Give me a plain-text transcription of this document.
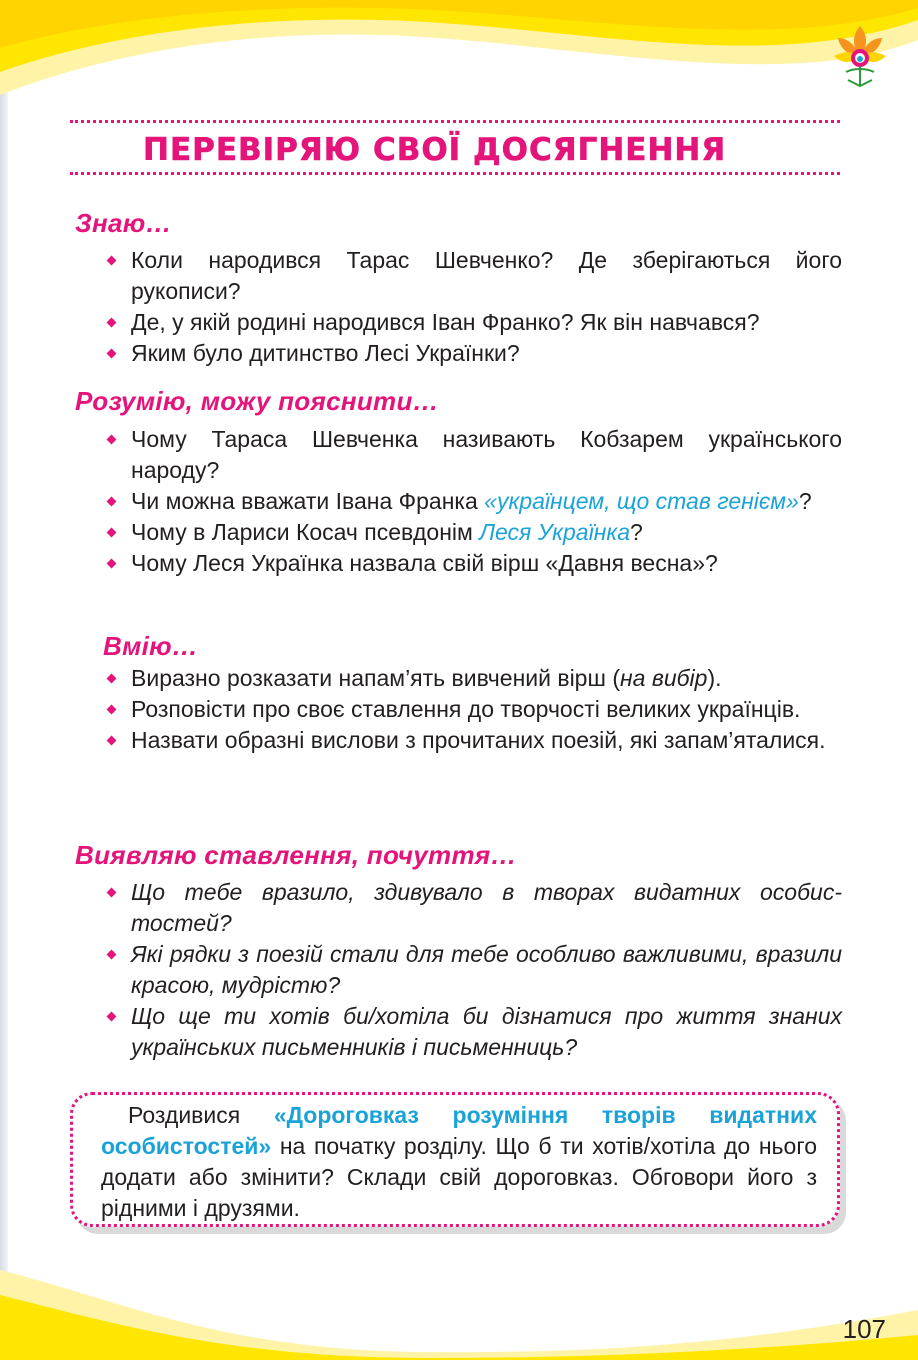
ПЕРЕВІРЯЮ СВОЇ ДОСЯГНЕННЯ
Знаю…
Коли народився Тарас Шевченко? Де зберігаються його рукописи?
Де, у якій родині народився Іван Франко? Як він навчався?
Яким було дитинство Лесі Українки?
Розумію, можу пояснити…
Чому Тараса Шевченка називають Кобзарем українського народу?
Чи можна вважати Івана Франка «українцем, що став генієм»?
Чому в Лариси Косач псевдонім Леся Українка?
Чому Леся Українка назвала свій вірш «Давня весна»?
Вмію…
Виразно розказати напам’ять вивчений вірш (на вибір).
Розповісти про своє ставлення до творчості великих українців.
Назвати образні вислови з прочитаних поезій, які запам’яталися.
Виявляю ставлення, почуття…
Що тебе вразило, здивувало в творах видатних особистостей?
Які рядки з поезій стали для тебе особливо важливими, вразили красою, мудрістю?
Що ще ти хотів би/хотіла би дізнатися про життя знаних українських письменників і письменниць?
Роздивися «Дороговказ розуміння творів видатних особистостей» на початку розділу. Що б ти хотів/хотіла до нього додати або змінити? Склади свій дороговказ. Обговори його з рідними і друзями.
107
